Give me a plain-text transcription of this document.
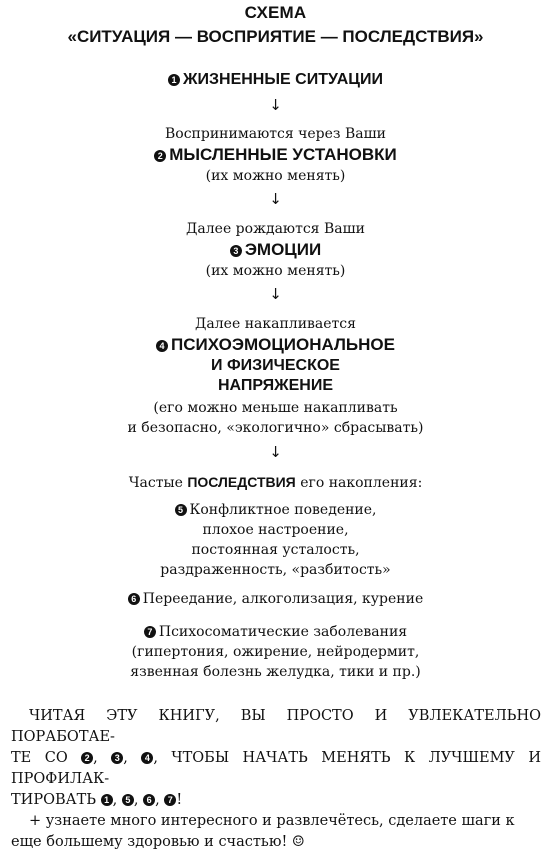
СХЕМА
«СИТУАЦИЯ — ВОСПРИЯТИЕ — ПОСЛЕДСТВИЯ»
1 ЖИЗНЕННЫЕ СИТУАЦИИ
↓
Воспринимаются через Ваши
2 МЫСЛЕННЫЕ УСТАНОВКИ
(их можно менять)
↓
Далее рождаются Ваши
3 ЭМОЦИИ
(их можно менять)
↓
Далее накапливается
4 ПСИХОЭМОЦИОНАЛЬНОЕ
И ФИЗИЧЕСКОЕ
НАПРЯЖЕНИЕ
(его можно меньше накапливать
и безопасно, «экологично» сбрасывать)
↓
Частые ПОСЛЕДСТВИЯ его накопления:
5 Конфликтное поведение,
плохое настроение,
постоянная усталость,
раздраженность, «разбитость»
6 Переедание, алкоголизация, курение
7 Психосоматические заболевания
(гипертония, ожирение, нейродермит,
язвенная болезнь желудка, тики и пр.)

ЧИТАЯ ЭТУ КНИГУ, ВЫ ПРОСТО И УВЛЕКАТЕЛЬНО ПОРАБОТАЕ-

ТЕ СО 2 , 3 , 4 , ЧТОБЫ НАЧАТЬ МЕНЯТЬ К ЛУЧШЕМУ И ПРОФИЛАК-
ТИРОВАТЬ 1 , 5 , 6 , 7 !

+ узнаете много интересного и развлечётесь, сделаете шаги к

еще большему здоровью и счастью! ☺
